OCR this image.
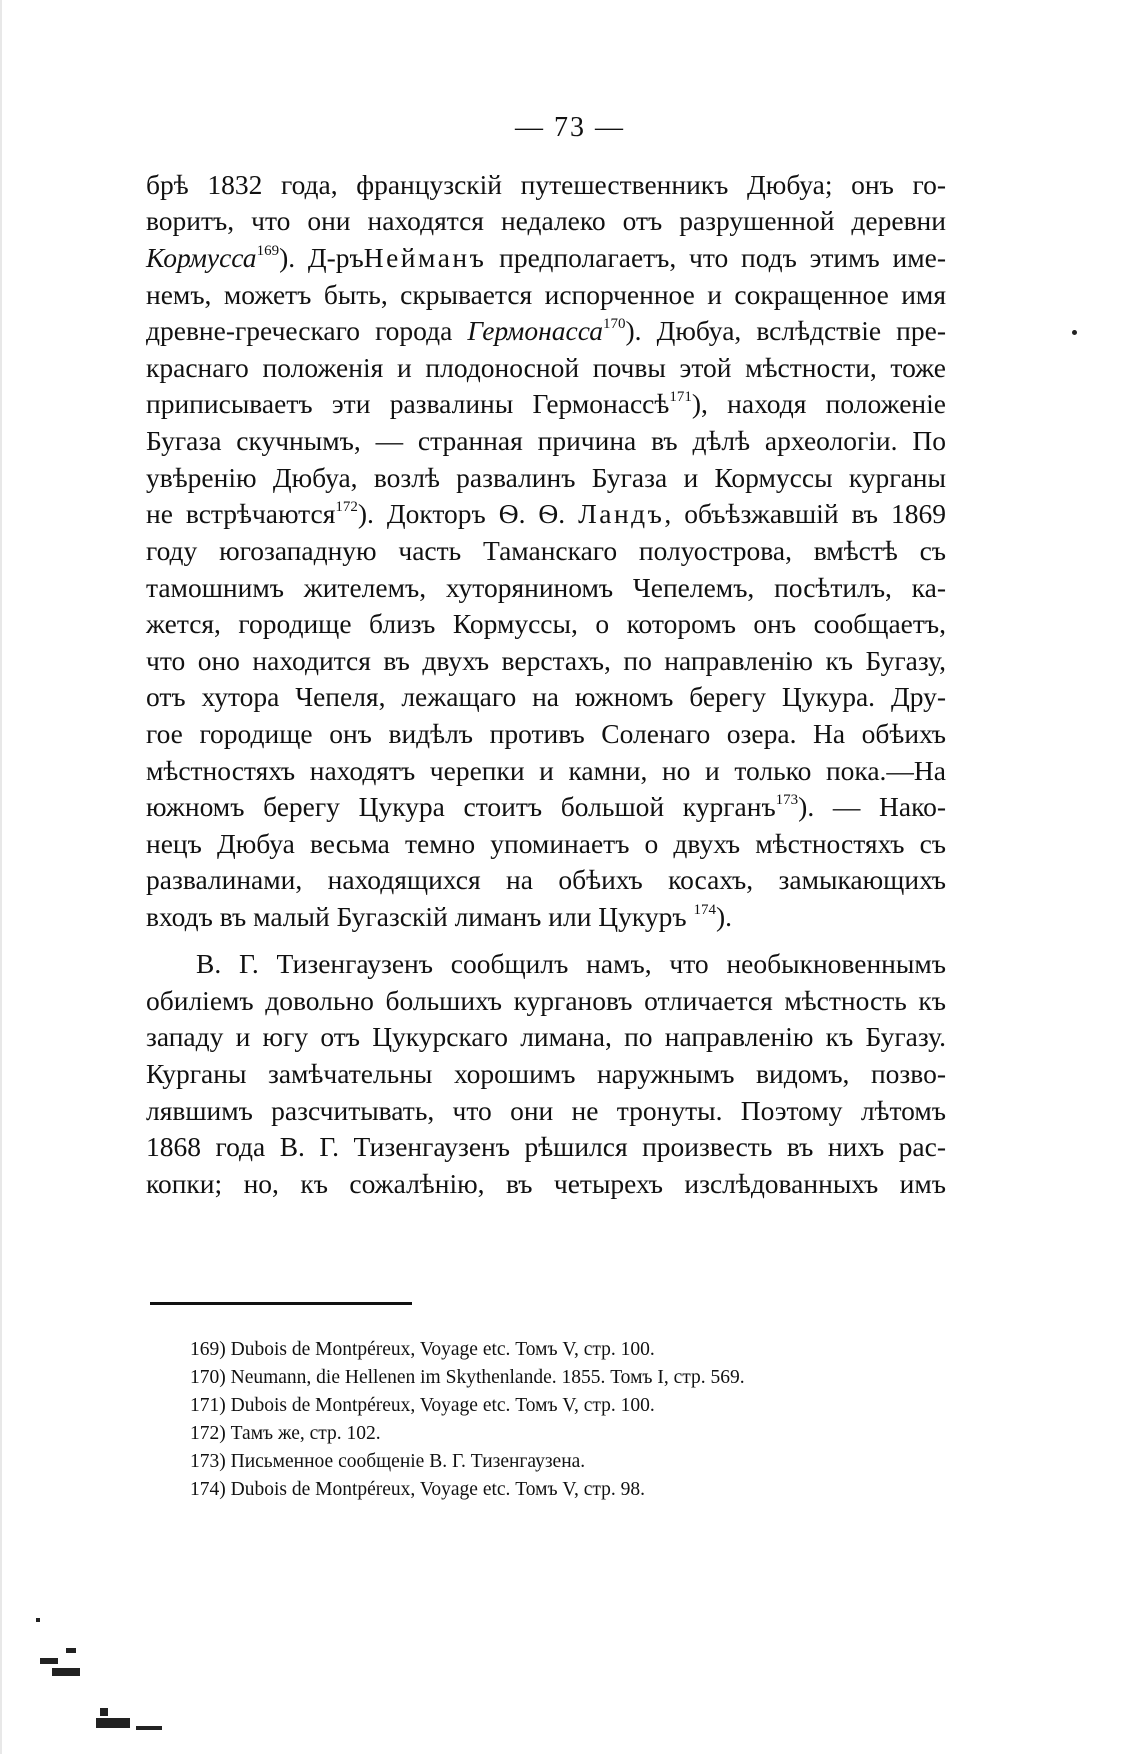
— 73 —
брѣ 1832 года, французскій путешественникъ Дюбуа; онъ го-
воритъ, что они находятся недалеко отъ разрушенной деревни
Кормусса$^{169}$). Д-ръНейманъ предполагаетъ, что подъ этимъ име-
немъ, можетъ быть, скрывается испорченное и сокращенное имя
древне-греческаго города Гермонасса$^{170}$). Дюбуа, вслѣдствіе пре-
краснаго положенія и плодоносной почвы этой мѣстности, тоже
приписываетъ эти развалины Гермонассѣ$^{171}$), находя положеніе
Бугаза скучнымъ, — странная причина въ дѣлѣ археологіи. По
увѣренію Дюбуа, возлѣ развалинъ Бугаза и Кормуссы курганы
не встрѣчаются$^{172}$). Докторъ Ѳ. Ѳ. Ландъ, объѣзжавшій въ 1869
году югозападную часть Таманскаго полуострова, вмѣстѣ съ
тамошнимъ жителемъ, хуторяниномъ Чепелемъ, посѣтилъ, ка-
жется, городище близъ Кормуссы, о которомъ онъ сообщаетъ,
что оно находится въ двухъ верстахъ, по направленію къ Бугазу,
отъ хутора Чепеля, лежащаго на южномъ берегу Цукура. Дру-
гое городище онъ видѣлъ противъ Соленаго озера. На обѣихъ
мѣстностяхъ находятъ черепки и камни, но и только пока.—На
южномъ берегу Цукура стоитъ большой курганъ$^{173}$). — Нако-
нецъ Дюбуа весьма темно упоминаетъ о двухъ мѣстностяхъ съ
развалинами, находящихся на обѣихъ косахъ, замыкающихъ
входъ въ малый Бугазскій лиманъ или Цукуръ $^{174}$).
В. Г. Тизенгаузенъ сообщилъ намъ, что необыкновеннымъ
обиліемъ довольно большихъ кургановъ отличается мѣстность къ
западу и югу отъ Цукурскаго лимана, по направленію къ Бугазу.
Курганы замѣчательны хорошимъ наружнымъ видомъ, позво-
лявшимъ разсчитывать, что они не тронуты. Поэтому лѣтомъ
1868 года В. Г. Тизенгаузенъ рѣшился произвесть въ нихъ рас-
копки; но, къ сожалѣнію, въ четырехъ изслѣдованныхъ имъ
169) Dubois de Montpéreux, Voyage etc. Томъ V, стр. 100.
170) Neumann, die Hellenen im Skythenlande. 1855. Томъ I, стр. 569.
171) Dubois de Montpéreux, Voyage etc. Томъ V, стр. 100.
172) Тамъ же, стр. 102.
173) Письменное сообщеніе В. Г. Тизенгаузена.
174) Dubois de Montpéreux, Voyage etc. Томъ V, стр. 98.
